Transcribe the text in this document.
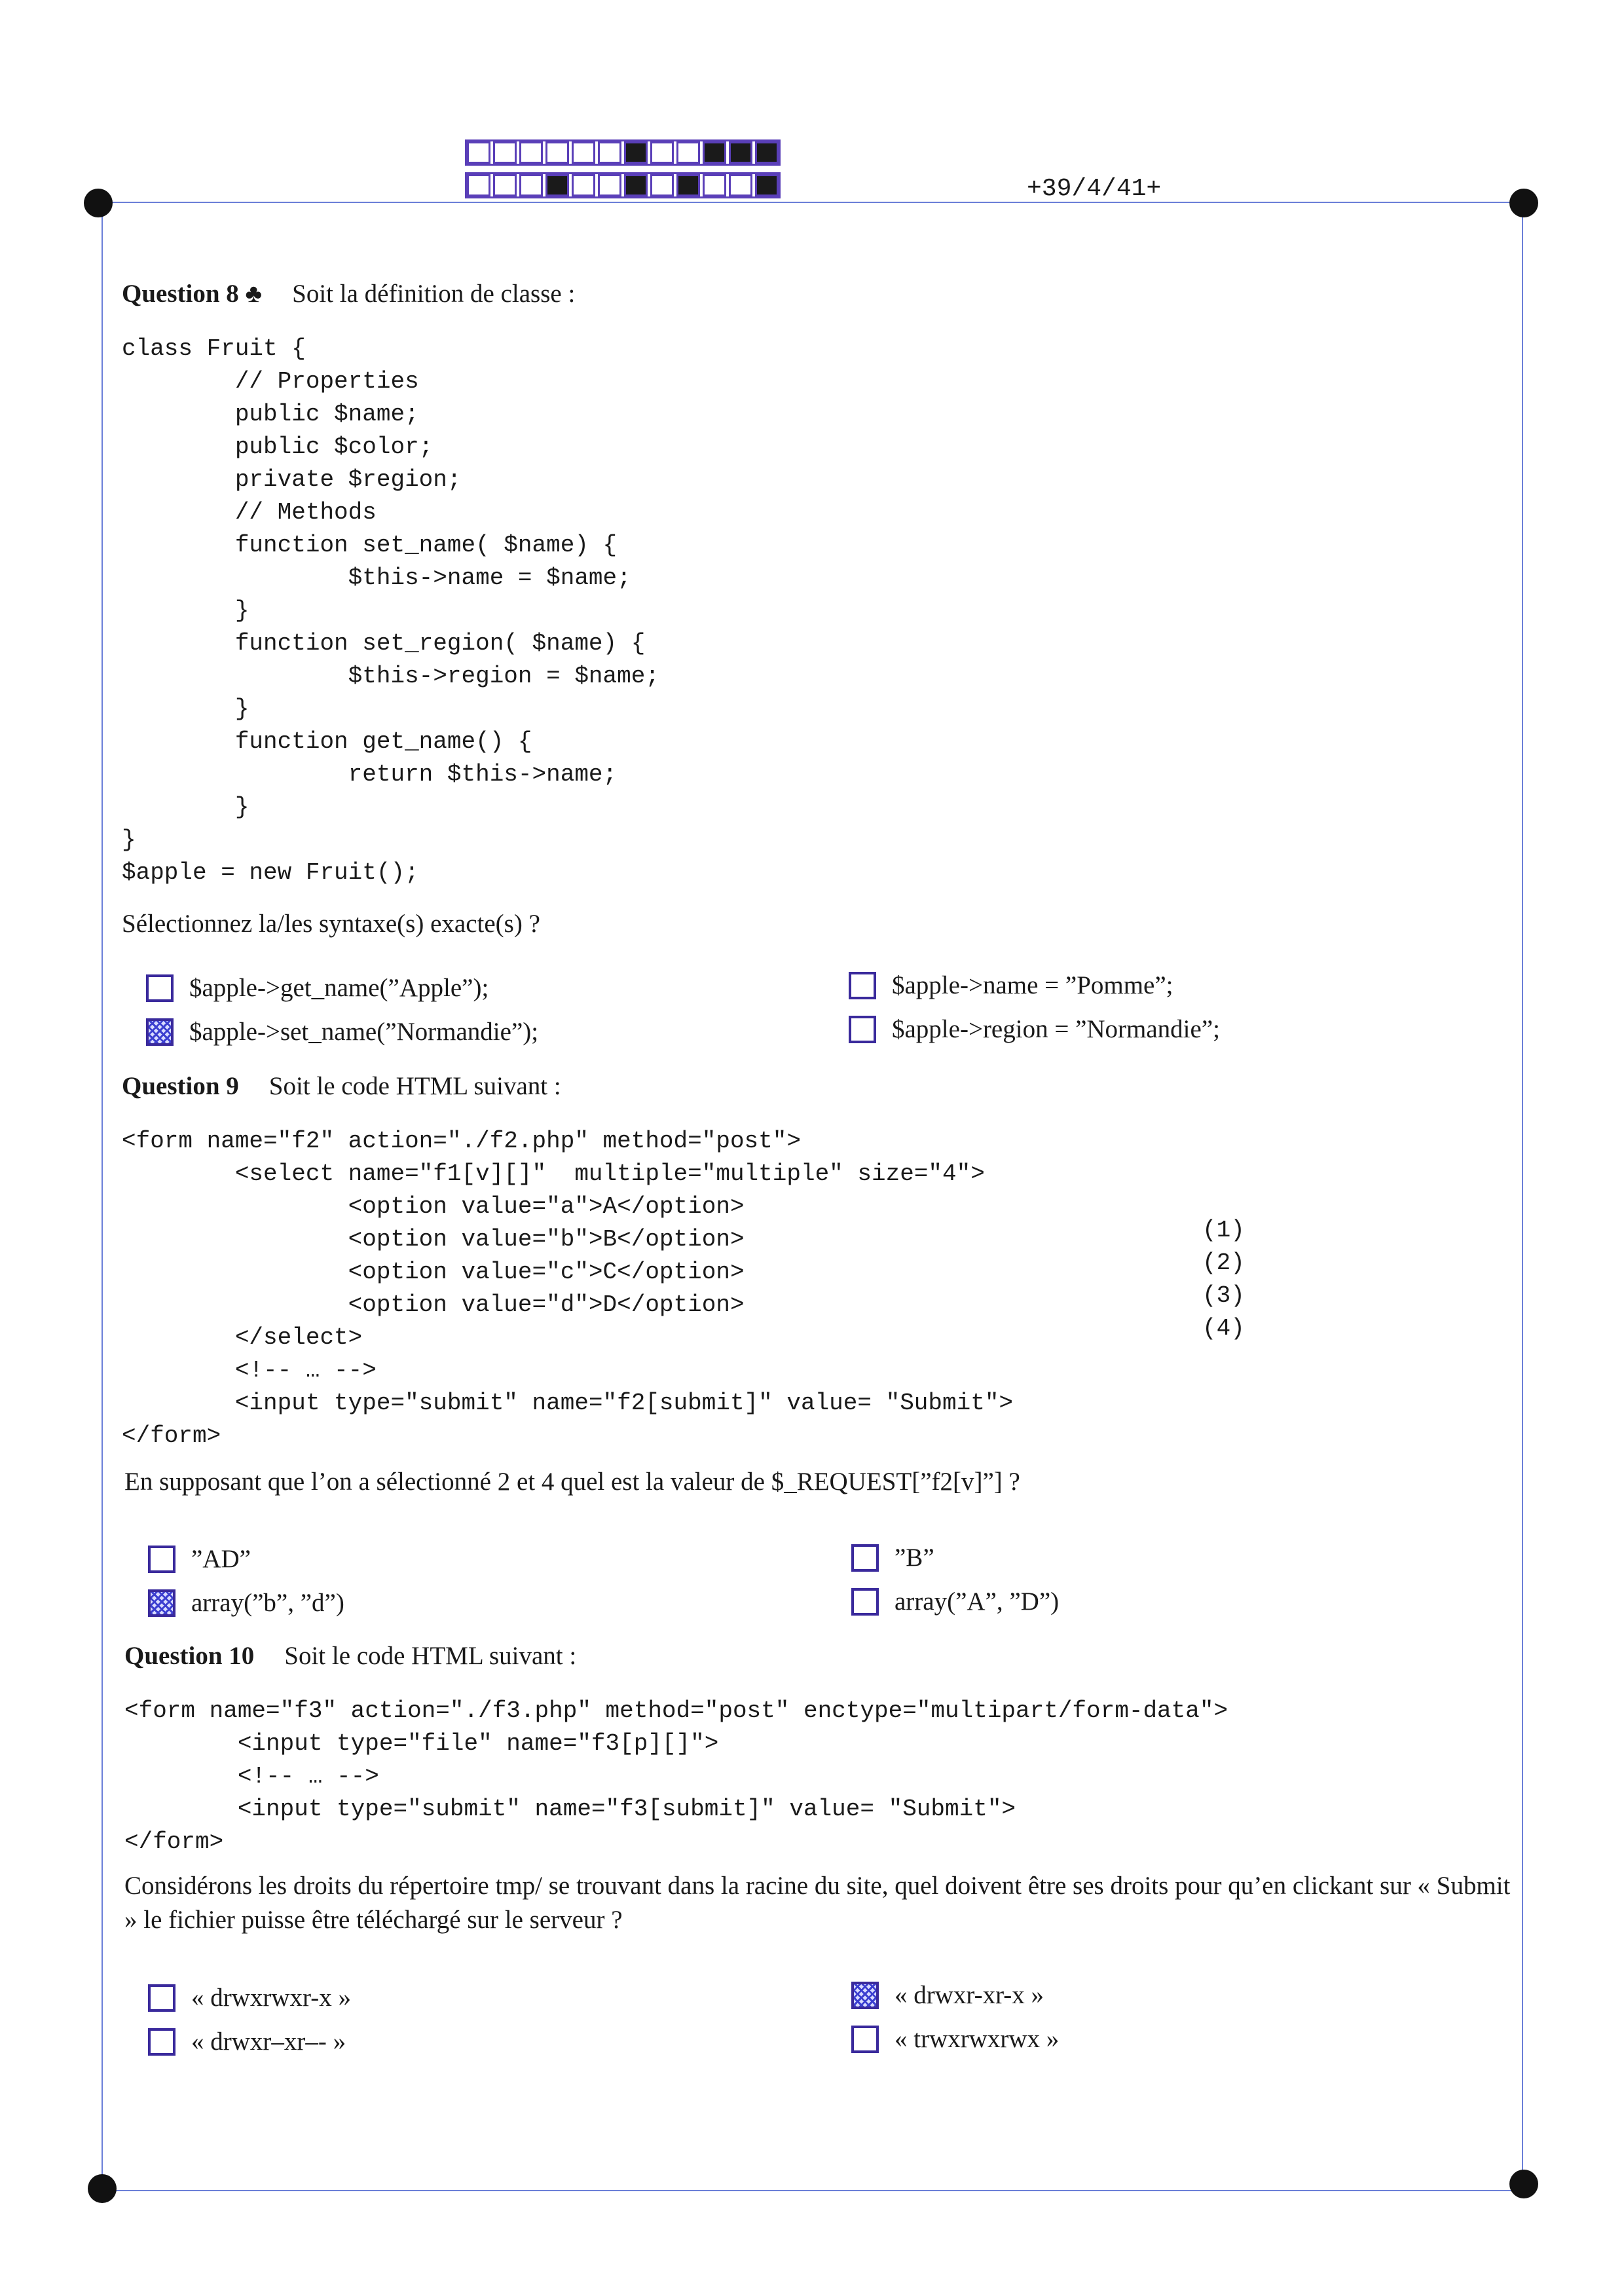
+39/4/41+
Question 8 ♣ Soit la définition de classe :
class Fruit {
// Properties
public $name;
public $color;
private $region;
// Methods
function set_name( $name) {
$this->name = $name;
}
function set_region( $name) {
$this->region = $name;
}
function get_name() {
return $this->name;
}
}
$apple = new Fruit();
Sélectionnez la/les syntaxe(s) exacte(s) ?
$apple->get_name(”Apple”);	$apple->name = ”Pomme”;
$apple->set_name(”Normandie”);	$apple->region = ”Normandie”;
Question 9 Soit le code HTML suivant :
<form name="f2" action="./f2.php" method="post">
<select name="f1[v][]"  multiple="multiple" size="4">
<option value="a">A</option>
<option value="b">B</option>
<option value="c">C</option>
<option value="d">D</option>
</select>
<!-- … -->
<input type="submit" name="f2[submit]" value= "Submit">
</form>
(1)
(2)
(3)
(4)
En supposant que l’on a sélectionné 2 et 4 quel est la valeur de $_REQUEST[”f2[v]”] ?
”AD”	”B”
array(”b”, ”d”)	array(”A”, ”D”)
Question 10 Soit le code HTML suivant :
<form name="f3" action="./f3.php" method="post" enctype="multipart/form-data">
<input type="file" name="f3[p][]">
<!-- … -->
<input type="submit" name="f3[submit]" value= "Submit">
</form>
Considérons les droits du répertoire tmp/ se trouvant dans la racine du site, quel doivent être ses droits pour qu’en clickant sur « Submit » le fichier puisse être téléchargé sur le serveur ?
« drwxrwxr-x »	« drwxr-xr-x »
« drwxr–xr–- »	« trwxrwxrwx »
